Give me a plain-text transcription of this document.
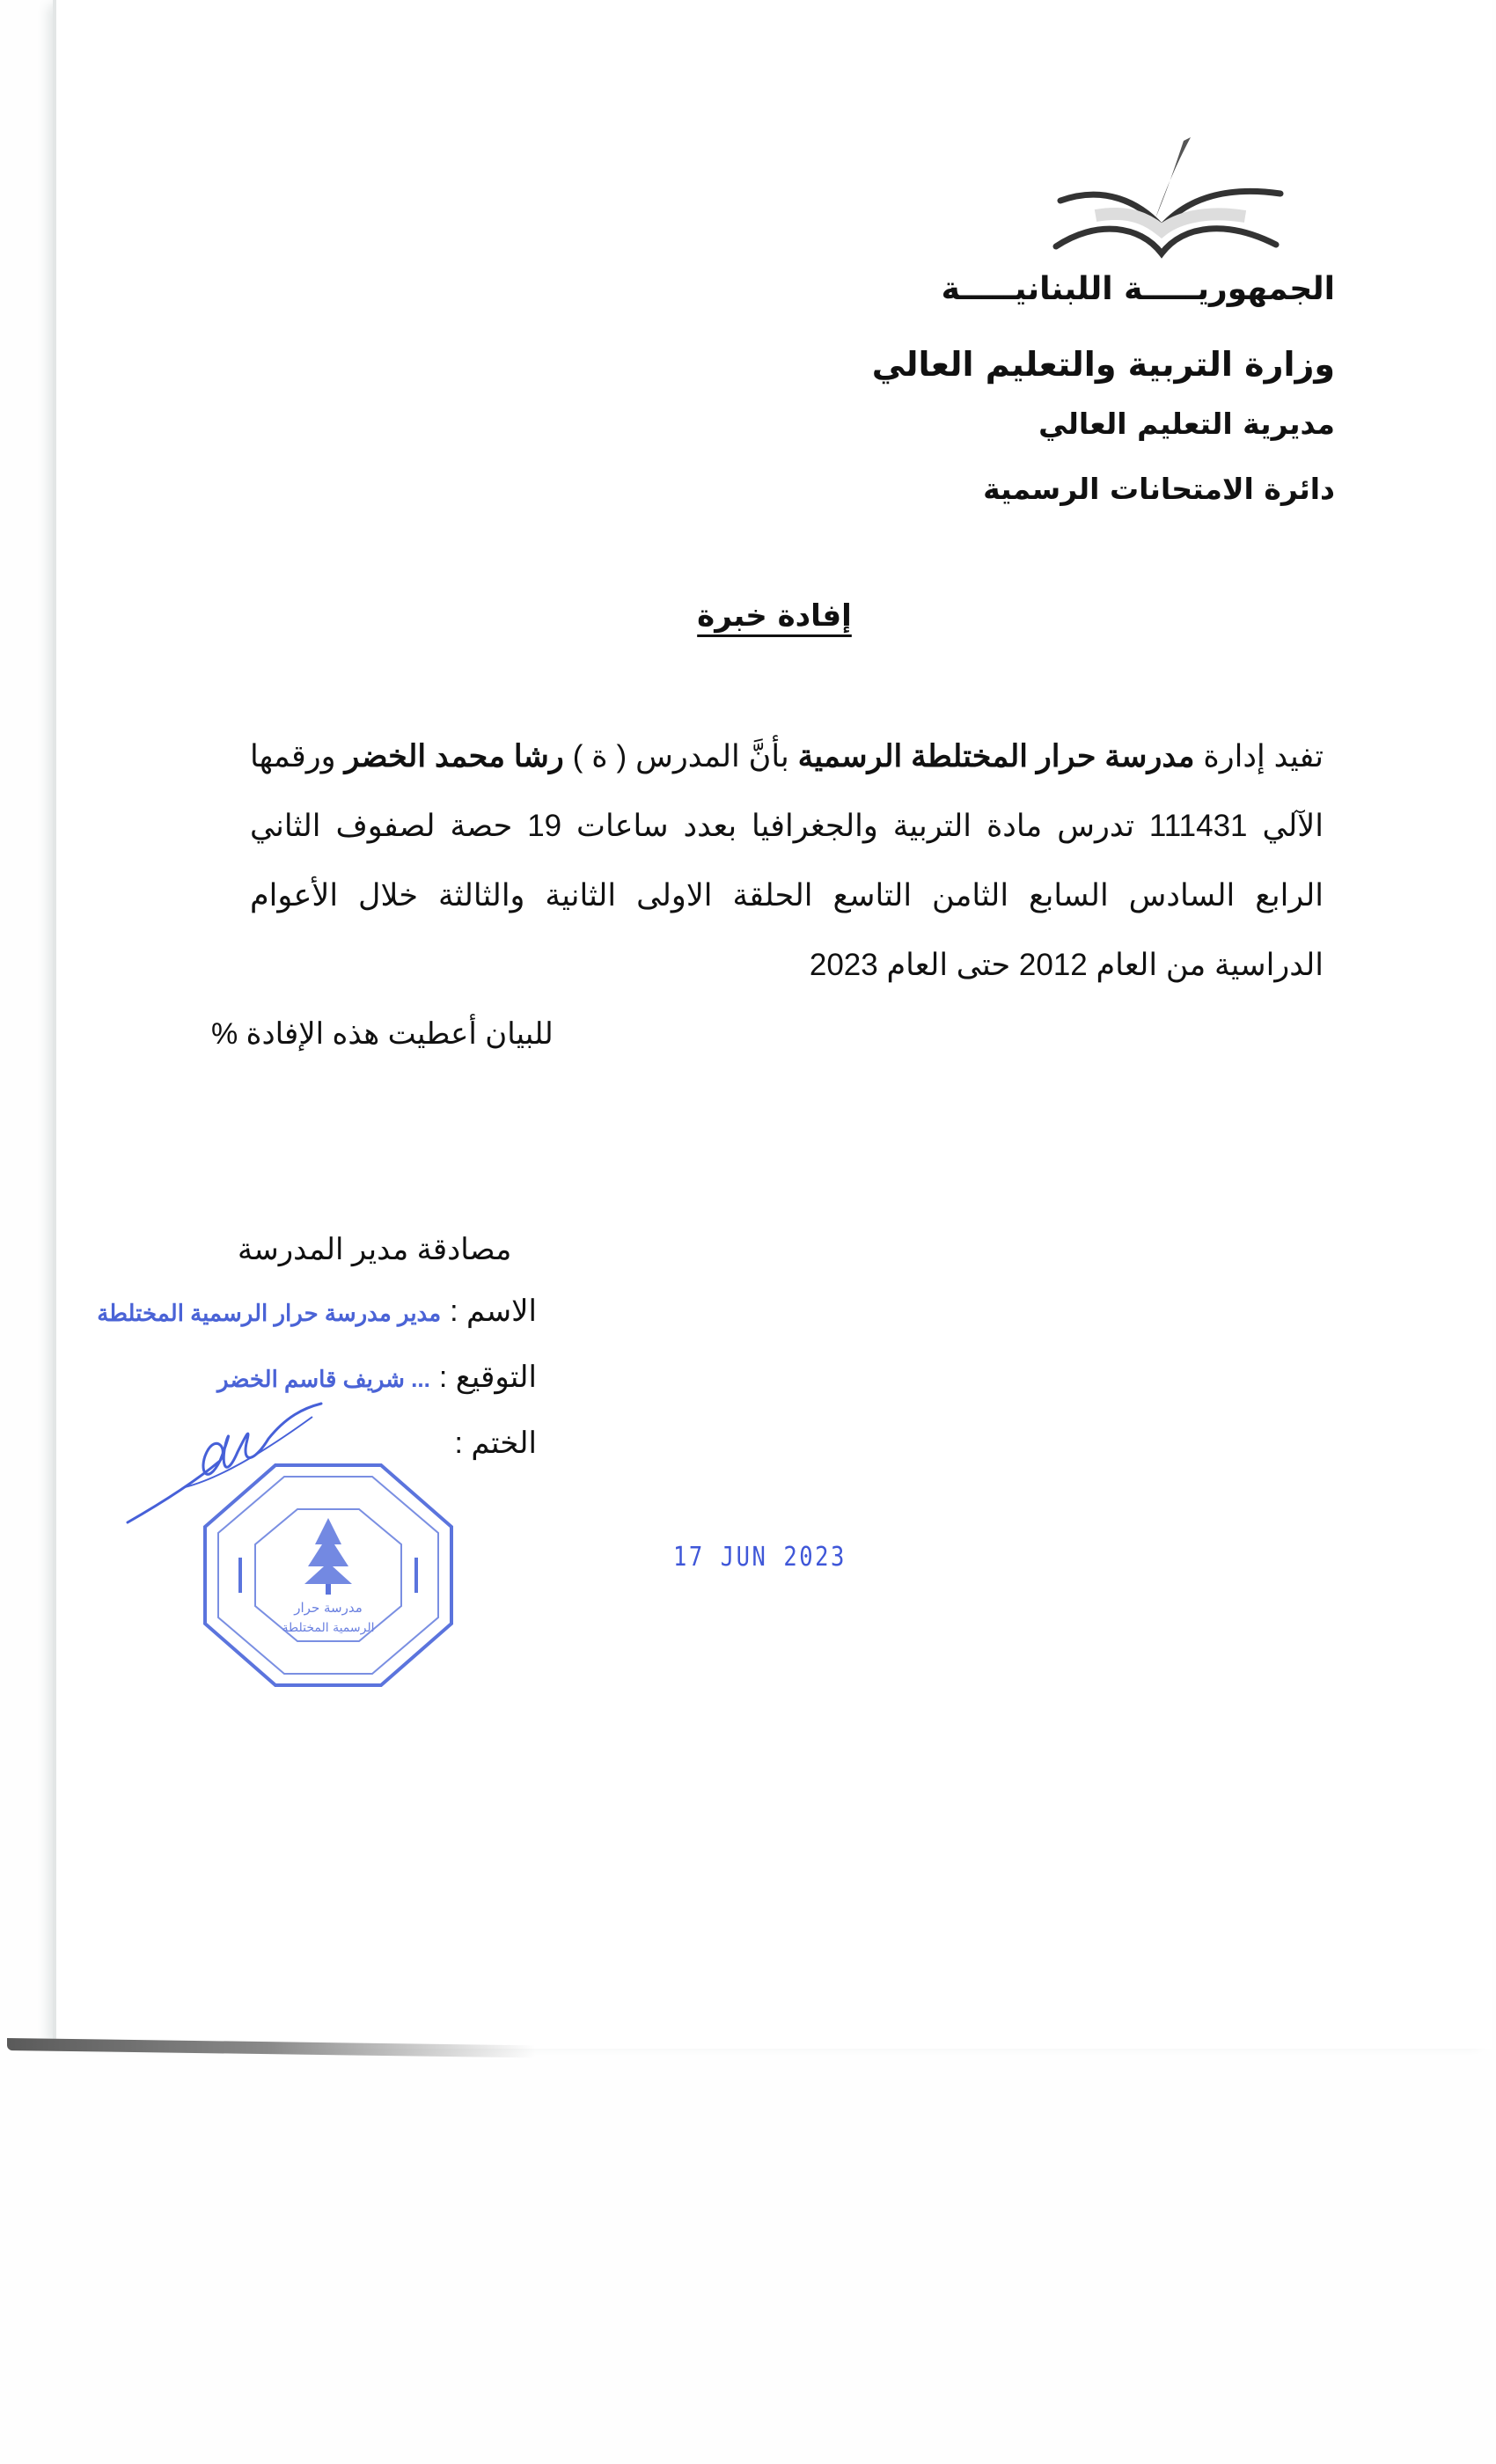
الجمهوريـــــة اللبنانيـــــة
وزارة التربية والتعليم العالي
مديرية التعليم العالي
دائرة الامتحانات الرسمية
إفادة خبرة
تفيد إدارة مدرسة حرار المختلطة الرسمية بأنَّ المدرس ( ة ) رشا محمد الخضر ورقمها الآلي 111431 تدرس مادة التربية والجغرافيا بعدد ساعات 19 حصة لصفوف الثاني الرابع السادس السابع الثامن التاسع الحلقة الاولى الثانية والثالثة خلال الأعوام الدراسية من العام 2012 حتى العام 2023
للبيان أعطيت هذه الإفادة %
مصادقة مدير المدرسة
الاسم :
مدير مدرسة حرار الرسمية المختلطة
التوقيع :
... شريف قاسم الخضر
الختم :
مدرسة حرار
الرسمية المختلطة
17 JUN 2023
